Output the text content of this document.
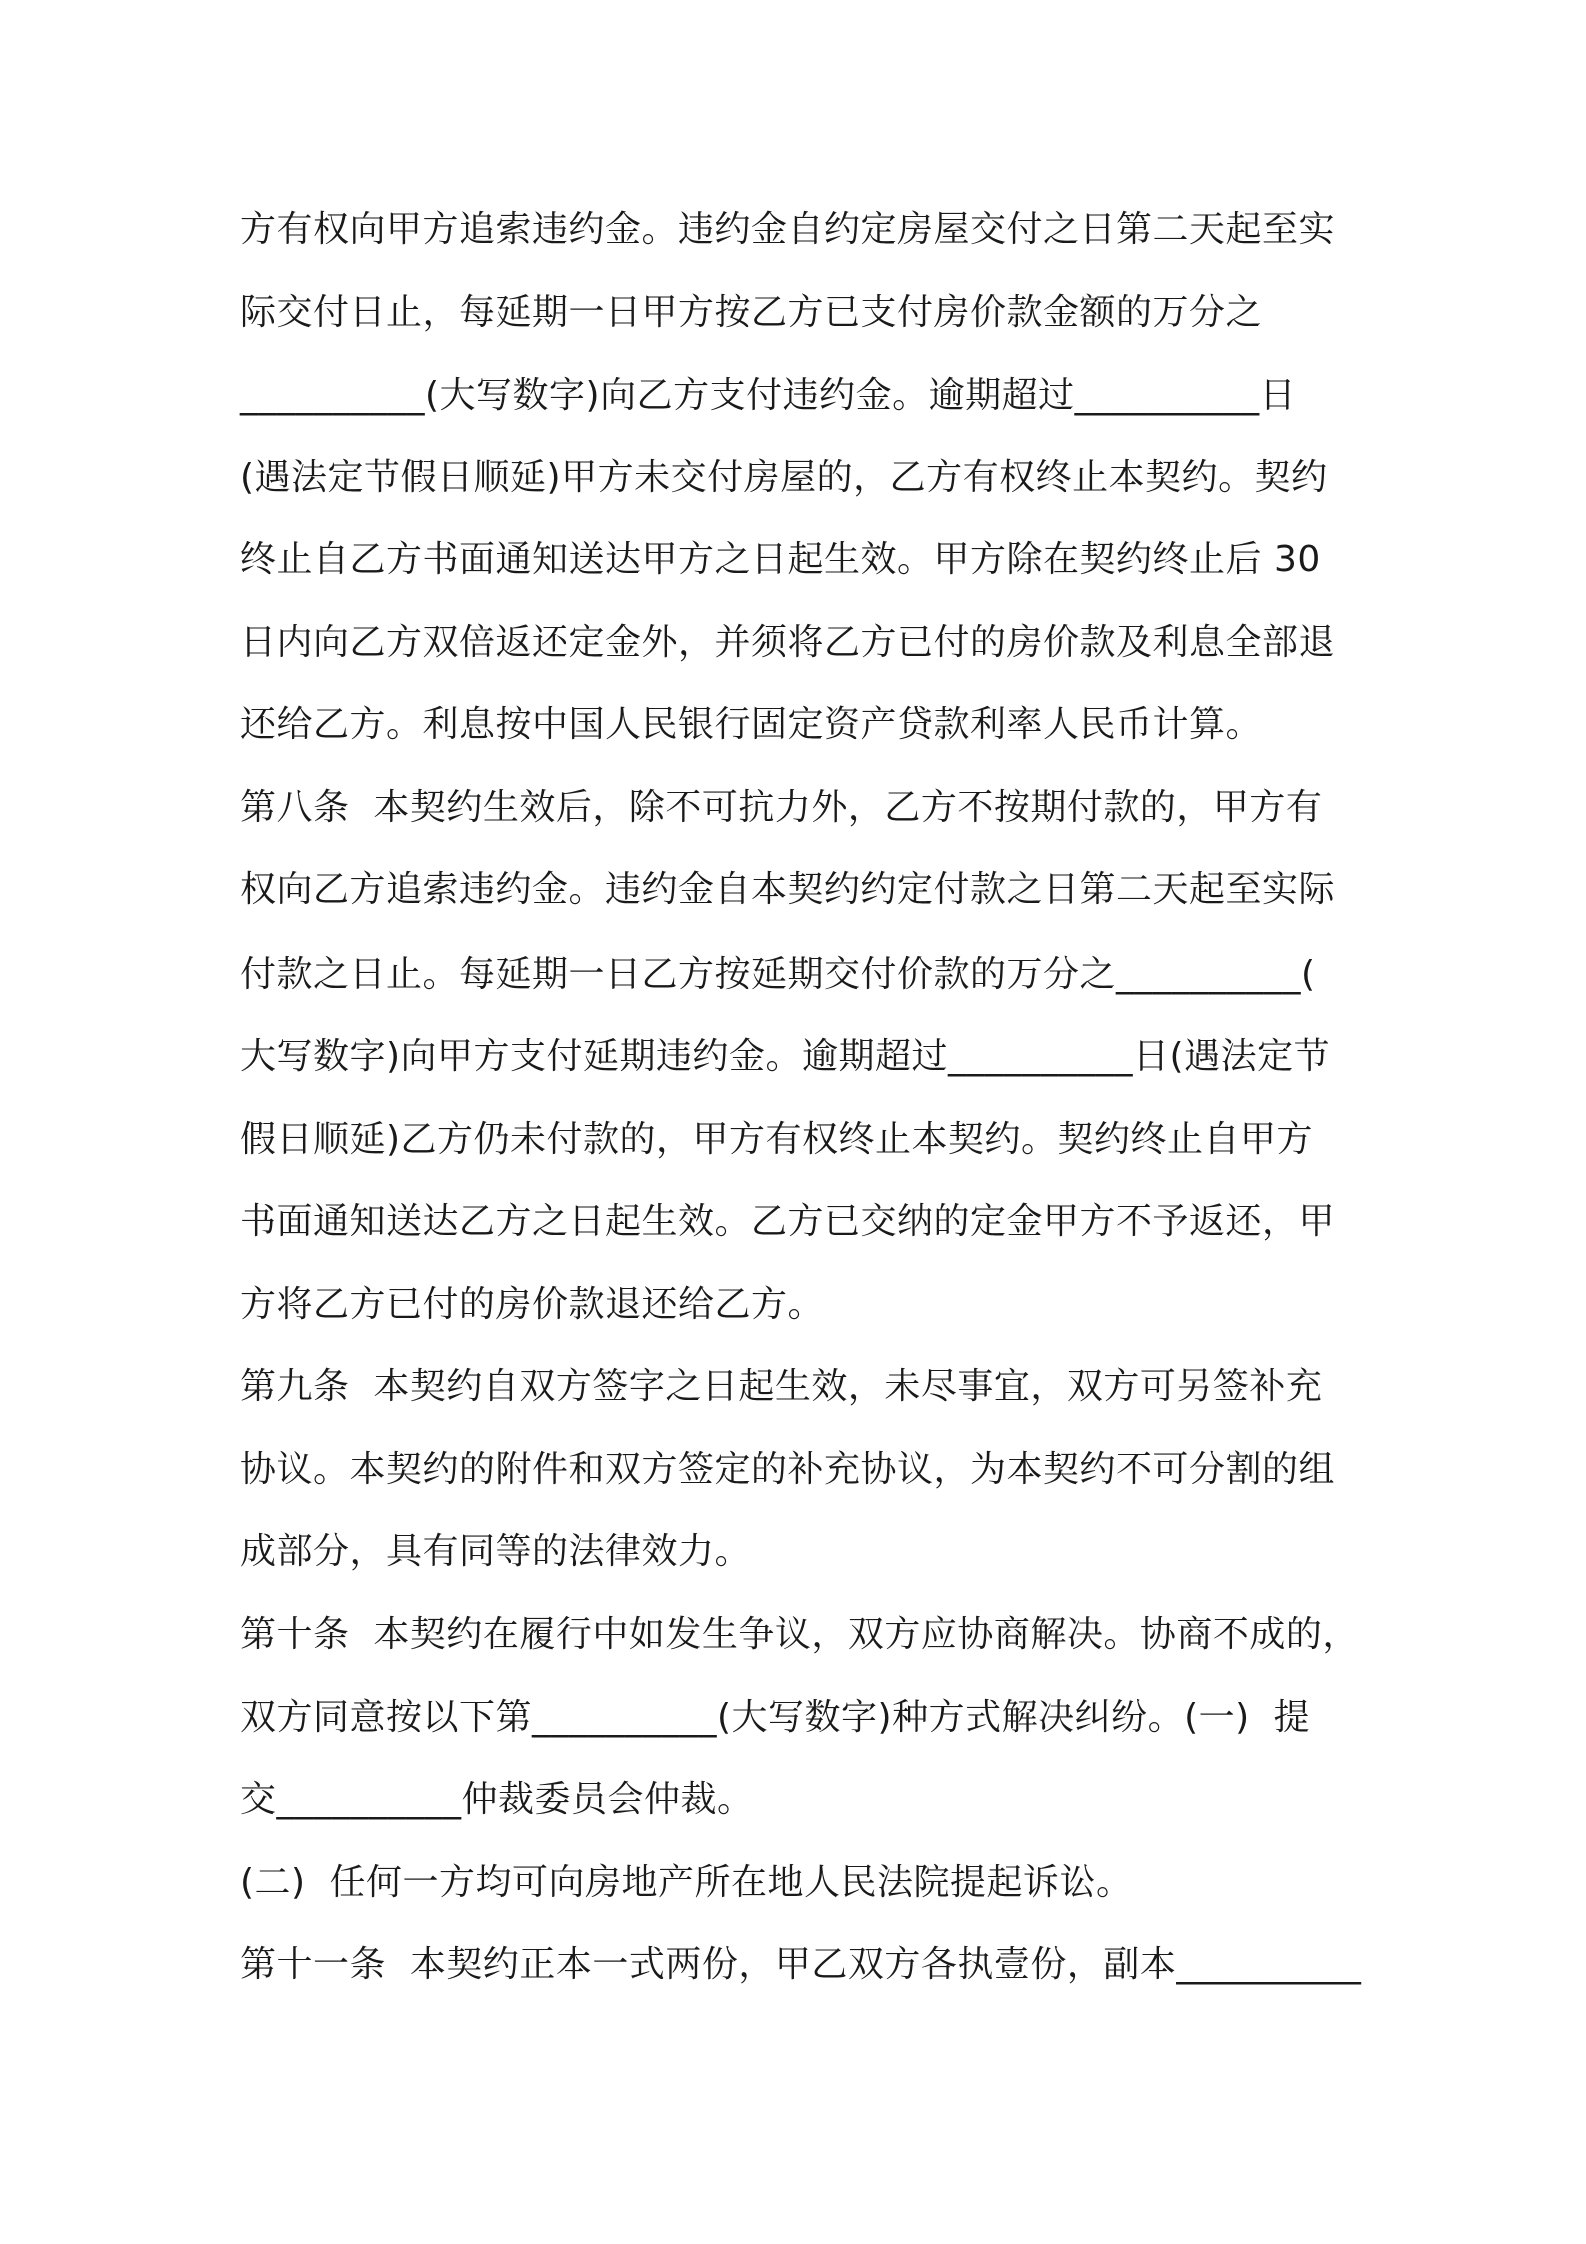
方有权向甲方追索违约金。违约金自约定房屋交付之日第二天起至实
际交付日止，每延期一日甲方按乙方已支付房价款金额的万分之
__________(大写数字)向乙方支付违约金。逾期超过__________日
(遇法定节假日顺延)甲方未交付房屋的，乙方有权终止本契约。契约
终止自乙方书面通知送达甲方之日起生效。甲方除在契约终止后 30
日内向乙方双倍返还定金外，并须将乙方已付的房价款及利息全部退
还给乙方。利息按中国人民银行固定资产贷款利率人民币计算。
第八条  本契约生效后，除不可抗力外，乙方不按期付款的，甲方有
权向乙方追索违约金。违约金自本契约约定付款之日第二天起至实际
付款之日止。每延期一日乙方按延期交付价款的万分之__________(
大写数字)向甲方支付延期违约金。逾期超过__________日(遇法定节
假日顺延)乙方仍未付款的，甲方有权终止本契约。契约终止自甲方
书面通知送达乙方之日起生效。乙方已交纳的定金甲方不予返还，甲
方将乙方已付的房价款退还给乙方。
第九条  本契约自双方签字之日起生效，未尽事宜，双方可另签补充
协议。本契约的附件和双方签定的补充协议，为本契约不可分割的组
成部分，具有同等的法律效力。
第十条  本契约在履行中如发生争议，双方应协商解决。协商不成的，
双方同意按以下第__________(大写数字)种方式解决纠纷。(一)  提
交__________仲裁委员会仲裁。
(二)  任何一方均可向房地产所在地人民法院提起诉讼。
第十一条  本契约正本一式两份，甲乙双方各执壹份，副本__________
